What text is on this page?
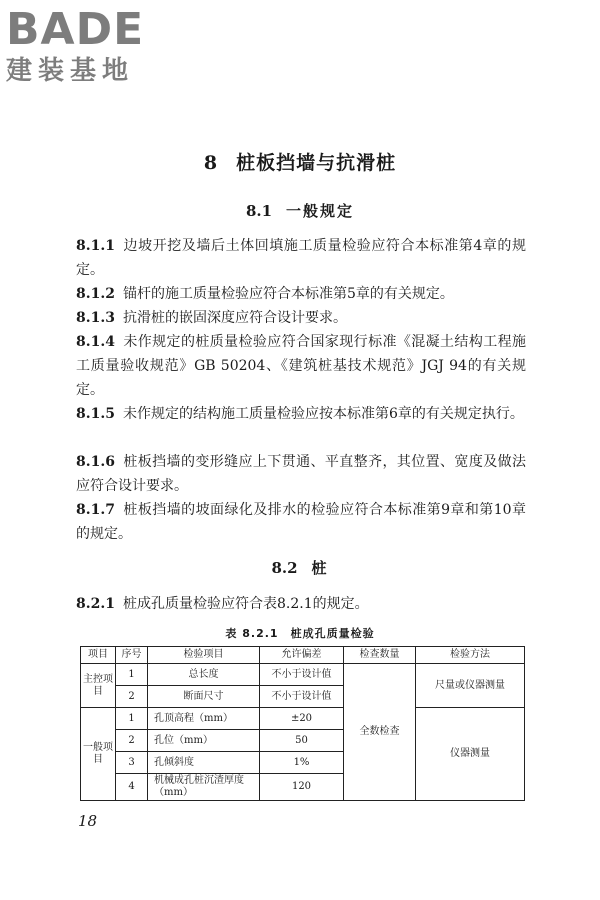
BADE
建装基地
8 桩板挡墙与抗滑桩
8.1 一般规定
8.1.1 边坡开挖及墙后土体回填施工质量检验应符合本标准第4章的规定。
8.1.2 锚杆的施工质量检验应符合本标准第5章的有关规定。
8.1.3 抗滑桩的嵌固深度应符合设计要求。
8.1.4 未作规定的桩质量检验应符合国家现行标准《混凝土结构工程施工质量验收规范》GB 50204、《建筑桩基技术规范》JGJ 94的有关规定。
8.1.5 未作规定的结构施工质量检验应按本标准第6章的有关规定执行。
8.1.6 桩板挡墙的变形缝应上下贯通、平直整齐，其位置、宽度及做法应符合设计要求。
8.1.7 桩板挡墙的坡面绿化及排水的检验应符合本标准第9章和第10章的规定。
8.2 桩
8.2.1 桩成孔质量检验应符合表8.2.1的规定。
表 8.2.1 桩成孔质量检验
项目	序号	检验项目	允许偏差	检查数量	检验方法
主控项目	1	总长度	不小于设计值	全数检查	尺量或仪器测量
	2	断面尺寸	不小于设计值		
一般项目	1	孔顶高程（mm）	±20		仪器测量
	2	孔位（mm）	50		
	3	孔倾斜度	1%		
	4	机械成孔桩沉渣厚度（mm）	120		
18
